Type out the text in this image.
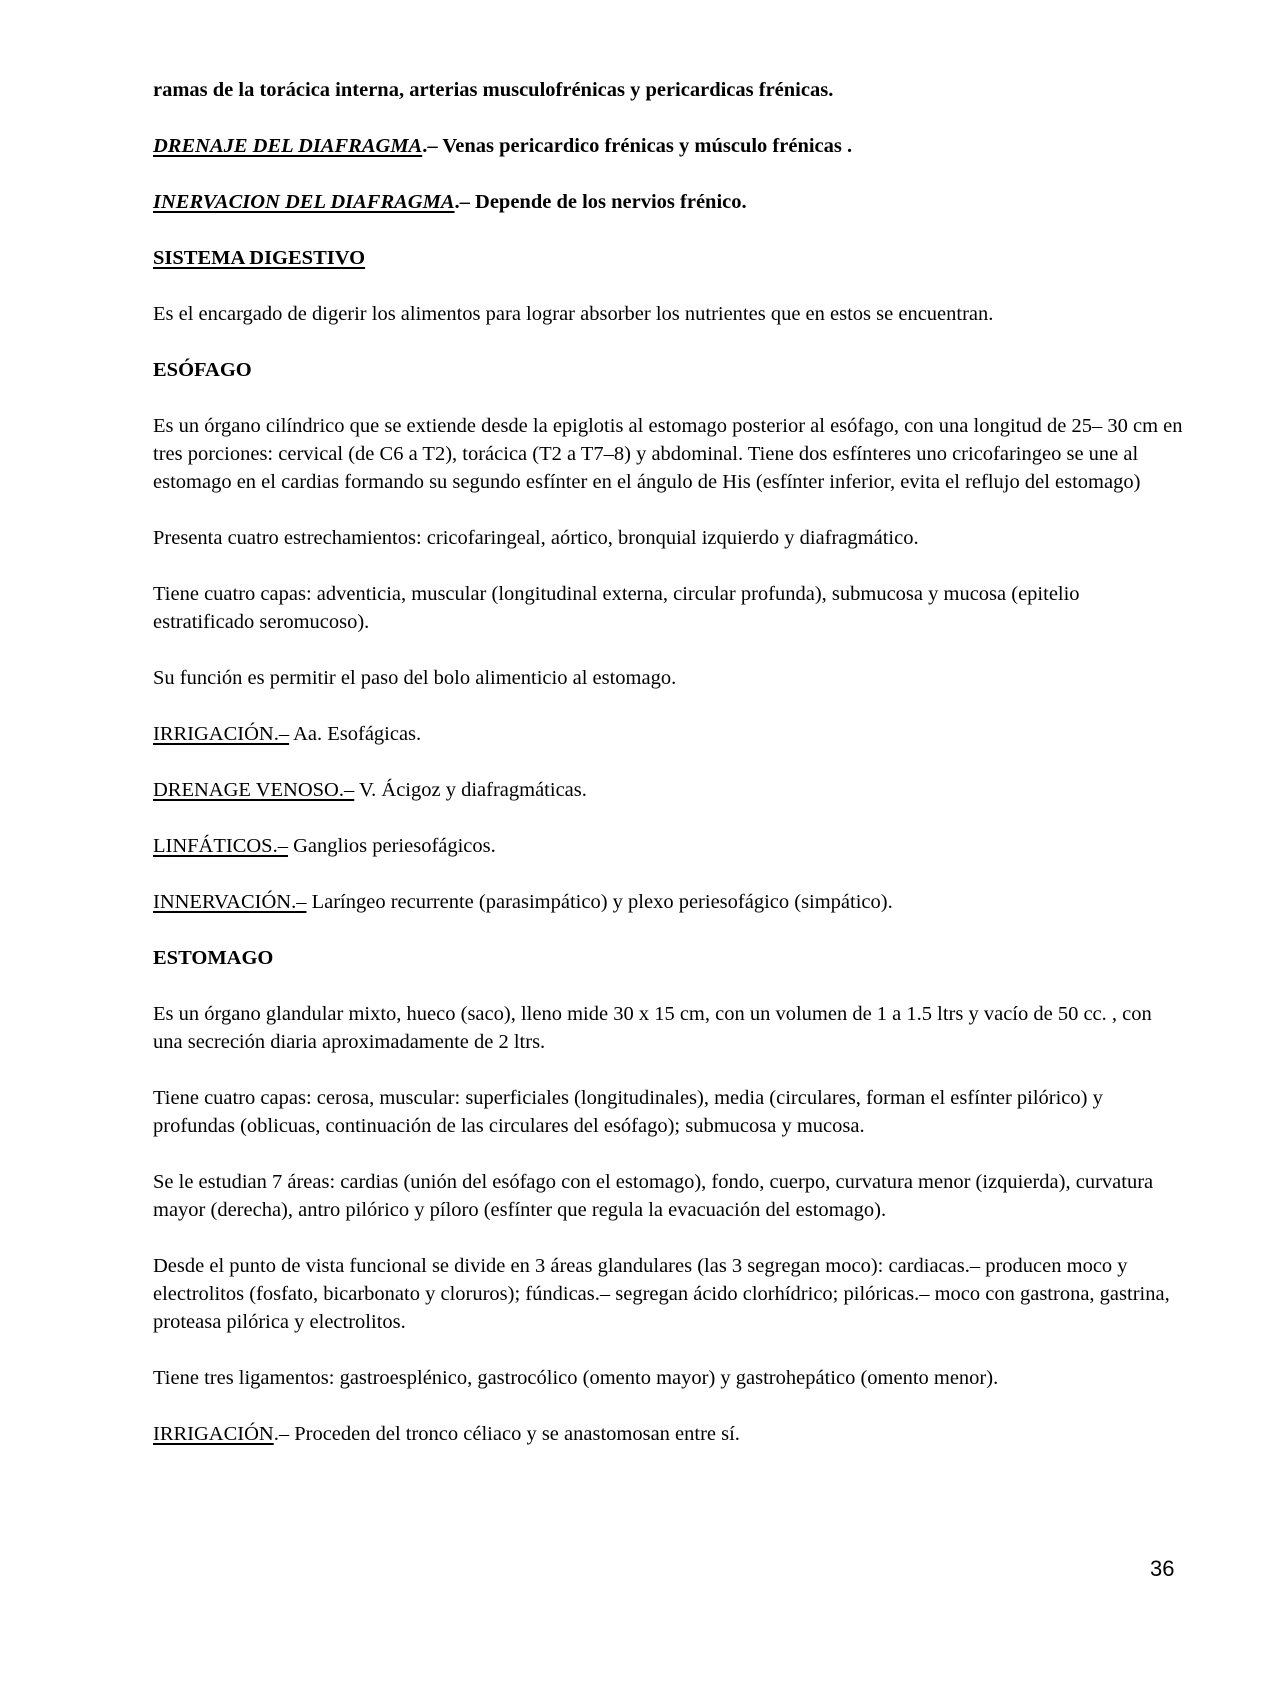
ramas de la torácica interna, arterias musculofrénicas y pericardicas frénicas.

DRENAJE DEL DIAFRAGMA.– Venas pericardico frénicas y músculo frénicas .

INERVACION DEL DIAFRAGMA.– Depende de los nervios frénico.

SISTEMA DIGESTIVO

Es el encargado de digerir los alimentos para lograr absorber los nutrientes que en estos se encuentran.

ESÓFAGO

Es un órgano cilíndrico que se extiende desde la epiglotis al estomago posterior al esófago, con una longitud de 25– 30 cm en tres porciones: cervical (de C6 a T2), torácica (T2 a T7–8) y abdominal. Tiene dos esfínteres uno cricofaringeo se une al estomago en el cardias formando su segundo esfínter en el ángulo de His (esfínter inferior, evita el reflujo del estomago)

Presenta cuatro estrechamientos: cricofaringeal, aórtico, bronquial izquierdo y diafragmático.

Tiene cuatro capas: adventicia, muscular (longitudinal externa, circular profunda), submucosa y mucosa (epitelio estratificado seromucoso).

Su función es permitir el paso del bolo alimenticio al estomago.

IRRIGACIÓN.– Aa. Esofágicas.

DRENAGE VENOSO.– V. Ácigoz y diafragmáticas.

LINFÁTICOS.– Ganglios periesofágicos.

INNERVACIÓN.– Laríngeo recurrente (parasimpático) y plexo periesofágico (simpático).

ESTOMAGO

Es un órgano glandular mixto, hueco (saco), lleno mide 30 x 15 cm, con un volumen de 1 a 1.5 ltrs y vacío de 50 cc. , con una secreción diaria aproximadamente de 2 ltrs.

Tiene cuatro capas: cerosa, muscular: superficiales (longitudinales), media (circulares, forman el esfínter pilórico) y profundas (oblicuas, continuación de las circulares del esófago); submucosa y mucosa.

Se le estudian 7 áreas: cardias (unión del esófago con el estomago), fondo, cuerpo, curvatura menor (izquierda), curvatura mayor (derecha), antro pilórico y píloro (esfínter que regula la evacuación del estomago).

Desde el punto de vista funcional se divide en 3 áreas glandulares (las 3 segregan moco): cardiacas.– producen moco y electrolitos (fosfato, bicarbonato y cloruros); fúndicas.– segregan ácido clorhídrico; pilóricas.– moco con gastrona, gastrina, proteasa pilórica y electrolitos.

Tiene tres ligamentos: gastroesplénico, gastrocólico (omento mayor) y gastrohepático (omento menor).

IRRIGACIÓN.– Proceden del tronco céliaco y se anastomosan entre sí.

36
